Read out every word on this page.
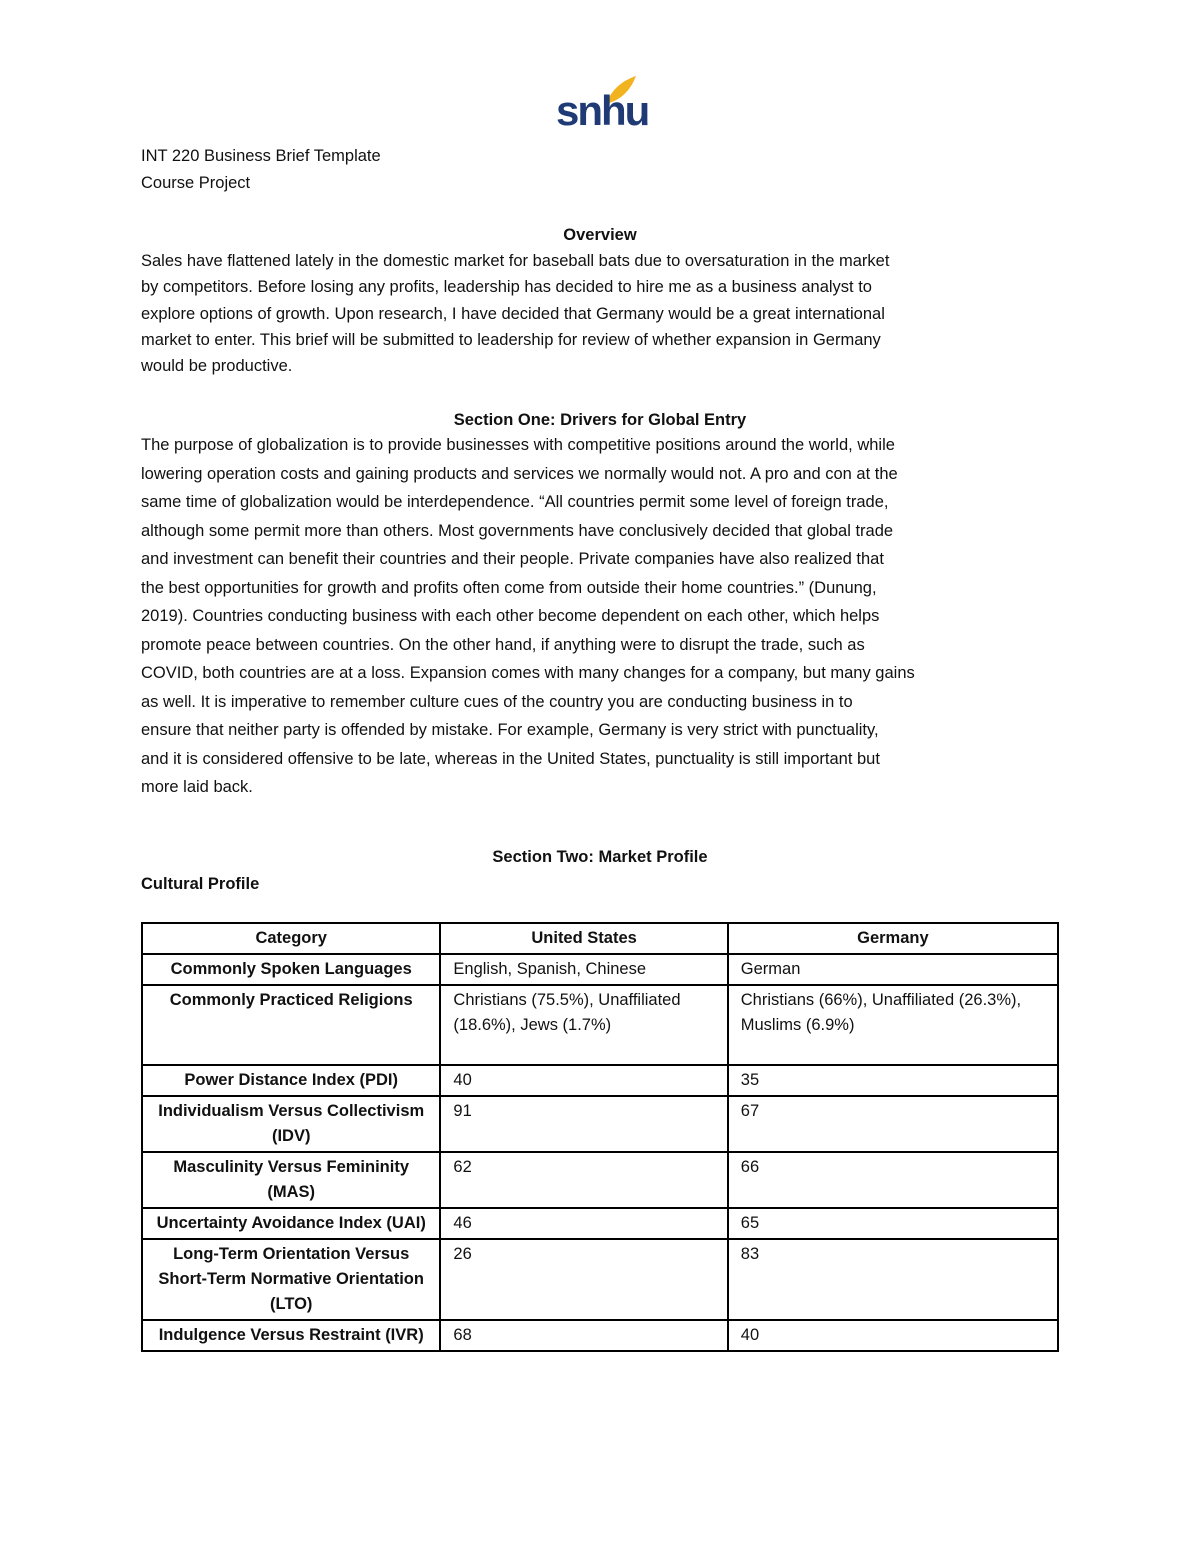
snhu
INT 220 Business Brief Template
Course Project
Overview
Sales have flattened lately in the domestic market for baseball bats due to oversaturation in the market
by competitors. Before losing any profits, leadership has decided to hire me as a business analyst to
explore options of growth. Upon research, I have decided that Germany would be a great international
market to enter. This brief will be submitted to leadership for review of whether expansion in Germany
would be productive.
Section One: Drivers for Global Entry
The purpose of globalization is to provide businesses with competitive positions around the world, while
lowering operation costs and gaining products and services we normally would not. A pro and con at the
same time of globalization would be interdependence. “All countries permit some level of foreign trade,
although some permit more than others. Most governments have conclusively decided that global trade
and investment can benefit their countries and their people. Private companies have also realized that
the best opportunities for growth and profits often come from outside their home countries.” (Dunung,
2019). Countries conducting business with each other become dependent on each other, which helps
promote peace between countries. On the other hand, if anything were to disrupt the trade, such as
COVID, both countries are at a loss. Expansion comes with many changes for a company, but many gains
as well. It is imperative to remember culture cues of the country you are conducting business in to
ensure that neither party is offended by mistake. For example, Germany is very strict with punctuality,
and it is considered offensive to be late, whereas in the United States, punctuality is still important but
more laid back.
Section Two: Market Profile
Cultural Profile
Category	United States	Germany
Commonly Spoken Languages	English, Spanish, Chinese	German
Commonly Practiced Religions	Christians (75.5%), Unaffiliated (18.6%), Jews (1.7%)	Christians (66%), Unaffiliated (26.3%), Muslims (6.9%)
Power Distance Index (PDI)	40	35
Individualism Versus Collectivism (IDV)	91	67
Masculinity Versus Femininity (MAS)	62	66
Uncertainty Avoidance Index (UAI)	46	65
Long-Term Orientation Versus Short-Term Normative Orientation (LTO)	26	83
Indulgence Versus Restraint (IVR)	68	40
